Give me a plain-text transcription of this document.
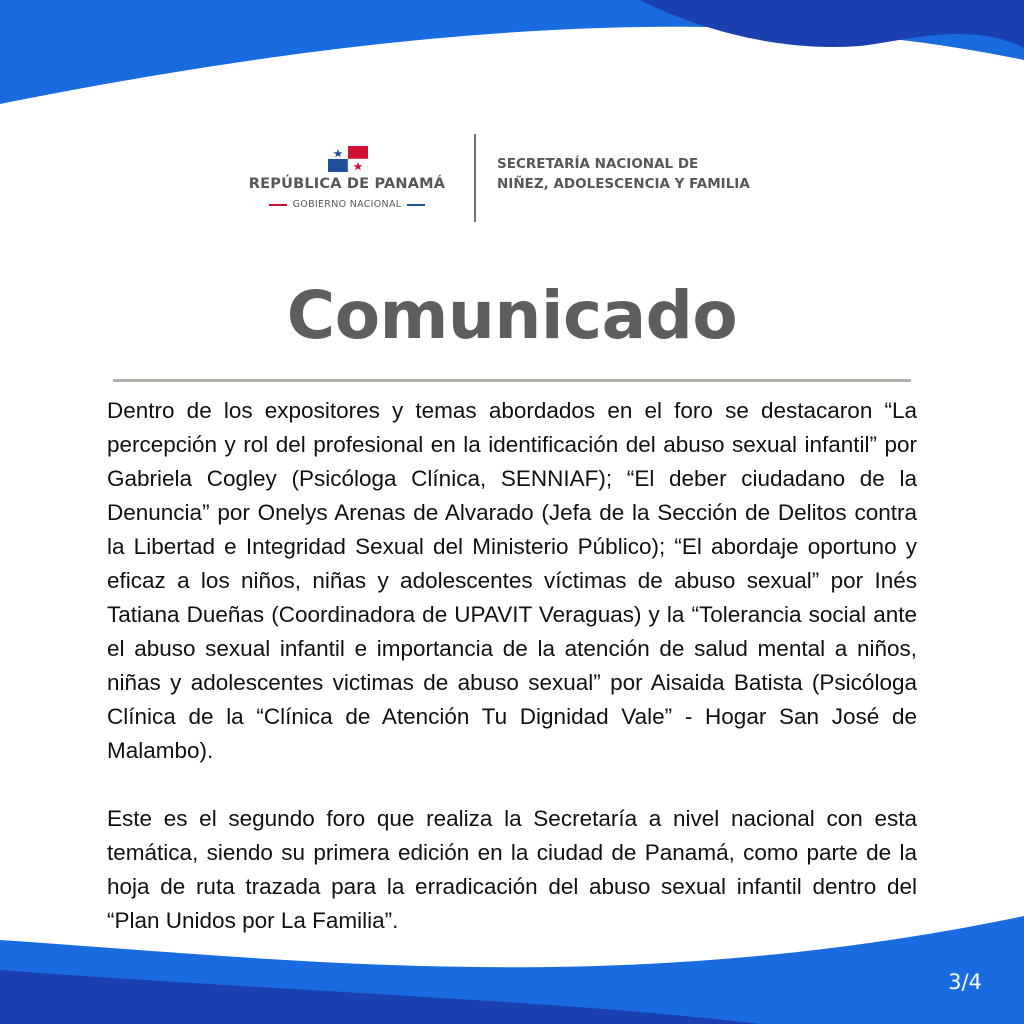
REPÚBLICA DE PANAMÁ
GOBIERNO NACIONAL
SECRETARÍA NACIONAL DE
NIÑEZ, ADOLESCENCIA Y FAMILIA
Comunicado

Dentro de los expositores y temas abordados en el foro se destacaron “La percepción y rol del profesional en la identificación del abuso sexual infantil” por Gabriela Cogley (Psicóloga Clínica, SENNIAF); “El deber ciudadano de la Denuncia” por Onelys Arenas de Alvarado (Jefa de la Sección de Delitos contra la Libertad e Integridad Sexual del Ministerio Público); “El abordaje oportuno y eficaz a los niños, niñas y adolescentes víctimas de abuso sexual” por Inés Tatiana Dueñas (Coordinadora de UPAVIT Veraguas) y la “Tolerancia social ante el abuso sexual infantil e importancia de la atención de salud mental a niños, niñas y adolescentes victimas de abuso sexual” por Aisaida Batista (Psicóloga Clínica de la “Clínica de Atención Tu Dignidad Vale” - Hogar San José de Malambo).

Este es el segundo foro que realiza la Secretaría a nivel nacional con esta temática, siendo su primera edición en la ciudad de Panamá, como parte de la hoja de ruta trazada para la erradicación del abuso sexual infantil dentro del “Plan Unidos por La Familia”.

3/4
